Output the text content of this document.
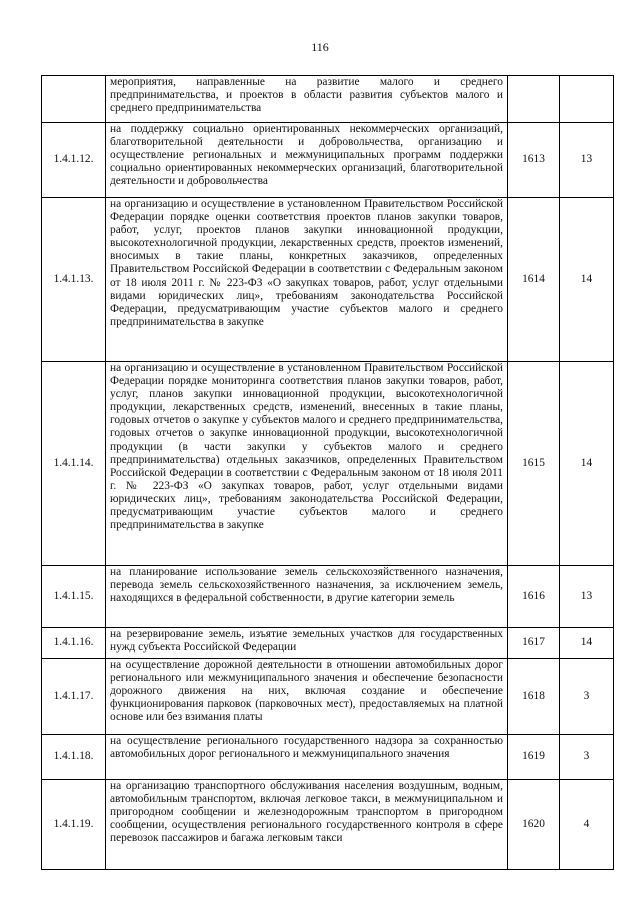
116
	мероприятия, направленные на развитие малого и среднего предпринимательства, и проектов в области развития субъектов малого и среднего предпринимательства		
1.4.1.12.	на поддержку социально ориентированных некоммерческих организаций, благотворительной деятельности и добровольчества, организацию и осуществление региональных и межмуниципальных программ поддержки социально ориентированных некоммерческих организаций, благотворительной деятельности и добровольчества	1613	13
1.4.1.13.	на организацию и осуществление в установленном Правительством Российской Федерации порядке оценки соответствия проектов планов закупки товаров, работ, услуг, проектов планов закупки инновационной продукции, высокотехнологичной продукции, лекарственных средств, проектов изменений, вносимых в такие планы, конкретных заказчиков, определенных Правительством Российской Федерации в соответствии с Федеральным законом от 18 июля 2011 г. № 223-ФЗ «О закупках товаров, работ, услуг отдельными видами юридических лиц», требованиям законодательства Российской Федерации, предусматривающим участие субъектов малого и среднего предпринимательства в закупке	1614	14
1.4.1.14.	на организацию и осуществление в установленном Правительством Российской Федерации порядке мониторинга соответствия планов закупки товаров, работ, услуг, планов закупки инновационной продукции, высокотехнологичной продукции, лекарственных средств, изменений, внесенных в такие планы, годовых отчетов о закупке у субъектов малого и среднего предпринимательства, годовых отчетов о закупке инновационной продукции, высокотехнологичной продукции (в части закупки у субъектов малого и среднего предпринимательства) отдельных заказчиков, определенных Правительством Российской Федерации в соответствии с Федеральным законом от 18 июля 2011 г. № 223-ФЗ «О закупках товаров, работ, услуг отдельными видами юридических лиц», требованиям законодательства Российской Федерации, предусматривающим участие субъектов малого и среднего предпринимательства в закупке	1615	14
1.4.1.15.	на планирование использование земель сельскохозяйственного назначения, перевода земель сельскохозяйственного назначения, за исключением земель, находящихся в федеральной собственности, в другие категории земель	1616	13
1.4.1.16.	на резервирование земель, изъятие земельных участков для государственных нужд субъекта Российской Федерации	1617	14
1.4.1.17.	на осуществление дорожной деятельности в отношении автомобильных дорог регионального или межмуниципального значения и обеспечение безопасности дорожного движения на них, включая создание и обеспечение функционирования парковок (парковочных мест), предоставляемых на платной основе или без взимания платы	1618	3
1.4.1.18.	на осуществление регионального государственного надзора за сохранностью автомобильных дорог регионального и межмуниципального значения	1619	3
1.4.1.19.	на организацию транспортного обслуживания населения воздушным, водным, автомобильным транспортом, включая легковое такси, в межмуниципальном и пригородном сообщении и железнодорожным транспортом в пригородном сообщении, осуществления регионального государственного контроля в сфере перевозок пассажиров и багажа легковым такси	1620	4
